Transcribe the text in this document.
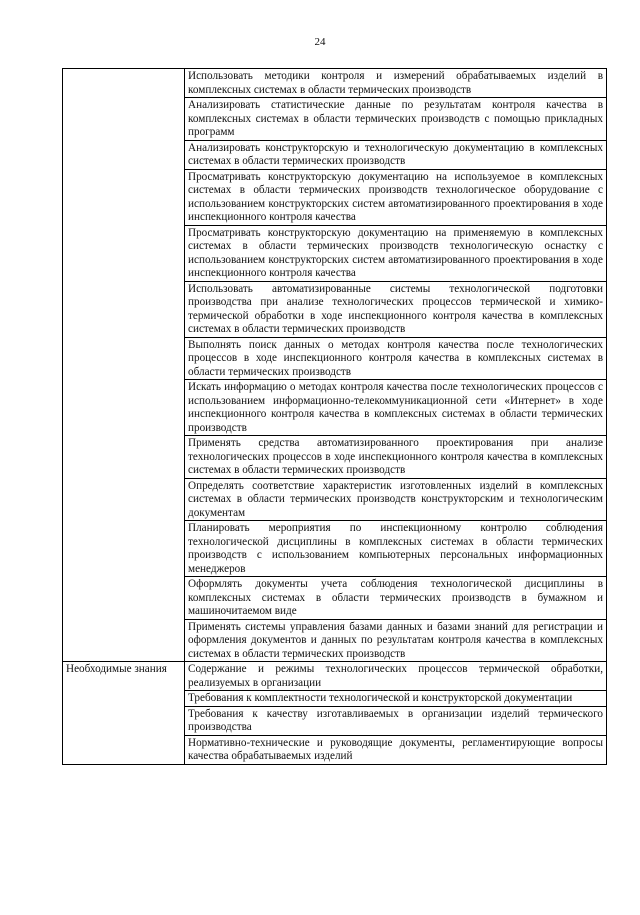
24
	Использовать методики контроля и измерений обрабатываемых изделий в комплексных системах в области термических производств
	Анализировать статистические данные по результатам контроля качества в комплексных системах в области термических производств с помощью прикладных программ
	Анализировать конструкторскую и технологическую документацию в комплексных системах в области термических производств
	Просматривать конструкторскую документацию на используемое в комплексных системах в области термических производств технологическое оборудование с использованием конструкторских систем автоматизированного проектирования в ходе инспекционного контроля качества
	Просматривать конструкторскую документацию на применяемую в комплексных системах в области термических производств технологическую оснастку с использованием конструкторских систем автоматизированного проектирования в ходе инспекционного контроля качества
	Использовать автоматизированные системы технологической подготовки производства при анализе технологических процессов термической и химико-термической обработки в ходе инспекционного контроля качества в комплексных системах в области термических производств
	Выполнять поиск данных о методах контроля качества после технологических процессов в ходе инспекционного контроля качества в комплексных системах в области термических производств
	Искать информацию о методах контроля качества после технологических процессов с использованием информационно-телекоммуникационной сети «Интернет» в ходе инспекционного контроля качества в комплексных системах в области термических производств
	Применять средства автоматизированного проектирования при анализе технологических процессов в ходе инспекционного контроля качества в комплексных системах в области термических производств
	Определять соответствие характеристик изготовленных изделий в комплексных системах в области термических производств конструкторским и технологическим документам
	Планировать мероприятия по инспекционному контролю соблюдения технологической дисциплины в комплексных системах в области термических производств с использованием компьютерных персональных информационных менеджеров
	Оформлять документы учета соблюдения технологической дисциплины в комплексных системах в области термических производств в бумажном и машиночитаемом виде
	Применять системы управления базами данных и базами знаний для регистрации и оформления документов и данных по результатам контроля качества в комплексных системах в области термических производств
Необходимые знания	Содержание и режимы технологических процессов термической обработки, реализуемых в организации
	Требования к комплектности технологической и конструкторской документации
	Требования к качеству изготавливаемых в организации изделий термического производства
	Нормативно-технические и руководящие документы, регламентирующие вопросы качества обрабатываемых изделий
